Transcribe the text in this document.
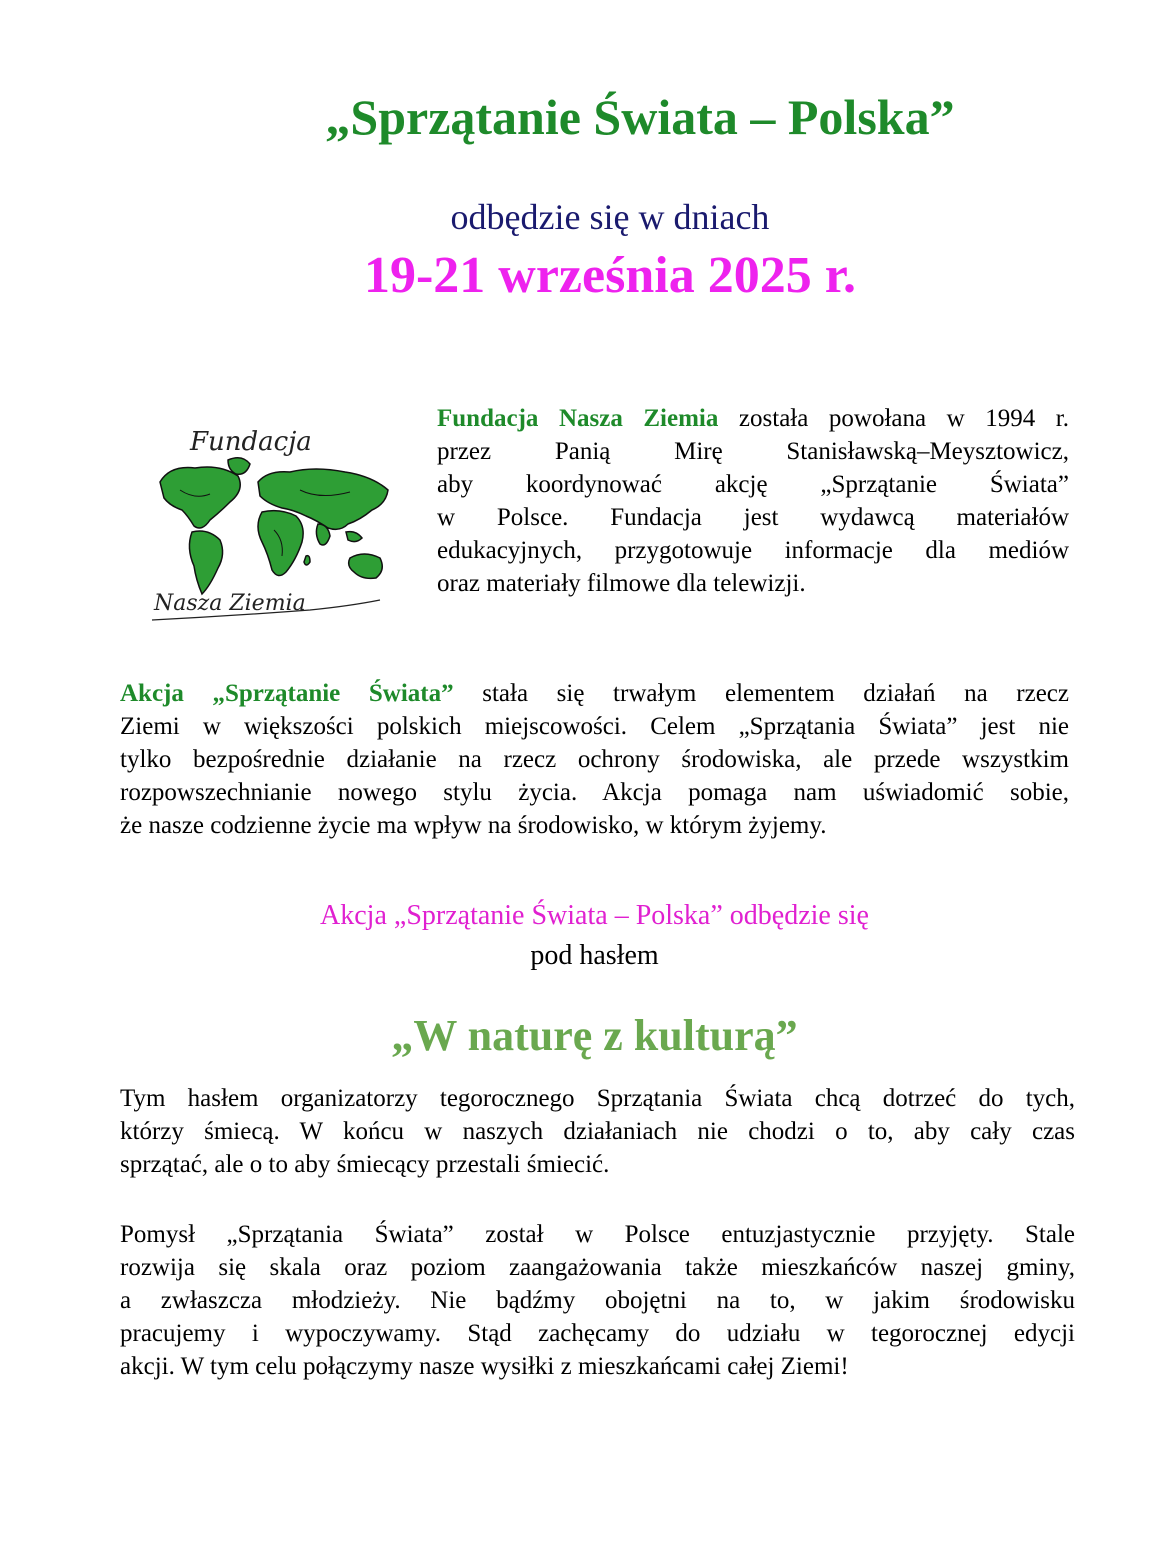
„Sprzątanie Świata – Polska”
odbędzie się w dniach
19-21 września 2025 r.
Fundacja
Nasza Ziemia
Fundacja Nasza Ziemia została powołana w 1994 r.
przez Panią Mirę Stanisławską–Meysztowicz,
aby koordynować akcję „Sprzątanie Świata”
w Polsce. Fundacja jest wydawcą materiałów
edukacyjnych, przygotowuje informacje dla mediów
oraz materiały filmowe dla telewizji.
Akcja „Sprzątanie Świata” stała się trwałym elementem działań na rzecz
Ziemi w większości polskich miejscowości. Celem „Sprzątania Świata” jest nie
tylko bezpośrednie działanie na rzecz ochrony środowiska, ale przede wszystkim
rozpowszechnianie nowego stylu życia. Akcja pomaga nam uświadomić sobie,
że nasze codzienne życie ma wpływ na środowisko, w którym żyjemy.
Akcja „Sprzątanie Świata – Polska” odbędzie się
pod hasłem
„W naturę z kulturą”
Tym hasłem organizatorzy tegorocznego Sprzątania Świata chcą dotrzeć do tych,
którzy śmiecą. W końcu w naszych działaniach nie chodzi o to, aby cały czas
sprzątać, ale o to aby śmiecący przestali śmiecić.
Pomysł „Sprzątania Świata” został w Polsce entuzjastycznie przyjęty. Stale
rozwija się skala oraz poziom zaangażowania także mieszkańców naszej gminy,
a zwłaszcza młodzieży. Nie bądźmy obojętni na to, w jakim środowisku
pracujemy i wypoczywamy. Stąd zachęcamy do udziału w tegorocznej edycji
akcji. W tym celu połączymy nasze wysiłki z mieszkańcami całej Ziemi!
